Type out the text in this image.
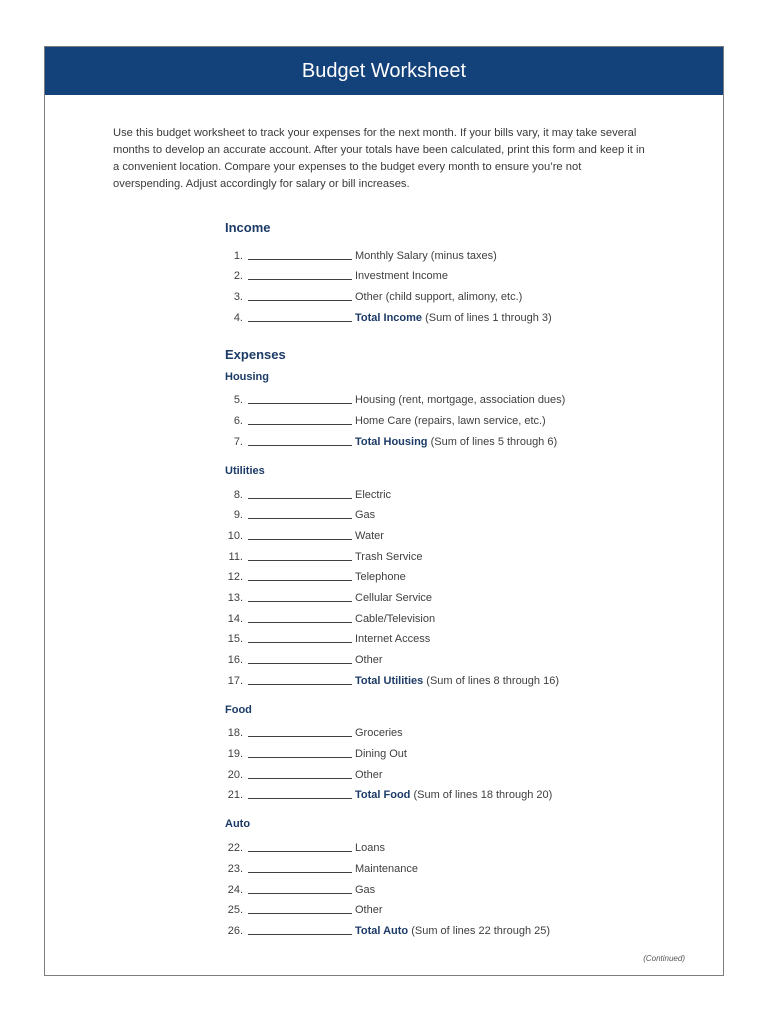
Budget Worksheet
Use this budget worksheet to track your expenses for the next month. If your bills vary, it may take several months to develop an accurate account. After your totals have been calculated, print this form and keep it in a convenient location. Compare your expenses to the budget every month to ensure you’re not overspending. Adjust accordingly for salary or bill increases.
Income
1.	Monthly Salary (minus taxes)
2.	Investment Income
3.	Other (child support, alimony, etc.)
4.	Total Income (Sum of lines 1 through 3)
Expenses
Housing
5.	Housing (rent, mortgage, association dues)
6.	Home Care (repairs, lawn service, etc.)
7.	Total Housing (Sum of lines 5 through 6)
Utilities
8.	Electric
9.	Gas
10.	Water
11.	Trash Service
12.	Telephone
13.	Cellular Service
14.	Cable/Television
15.	Internet Access
16.	Other
17.	Total Utilities (Sum of lines 8 through 16)
Food
18.	Groceries
19.	Dining Out
20.	Other
21.	Total Food (Sum of lines 18 through 20)
Auto
22.	Loans
23.	Maintenance
24.	Gas
25.	Other
26.	Total Auto (Sum of lines 22 through 25)
(Continued)
